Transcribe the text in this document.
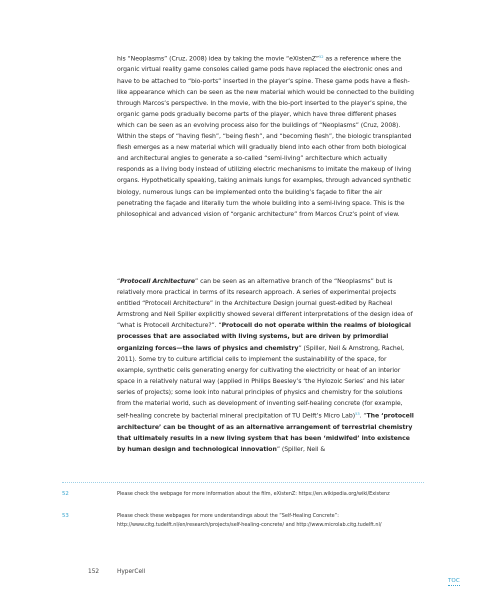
his “Neoplasms” (Cruz, 2008) idea by taking the movie “eXistenZ”$^{52}$ as a reference where the organic virtual reality game consoles called game pods have replaced the electronic ones and have to be attached to “bio-ports” inserted in the player’s spine. These game pods have a flesh-like appearance which can be seen as the new material which would be connected to the building through Marcos’s perspective. In the movie, with the bio-port inserted to the player’s spine, the organic game pods gradually become parts of the player, which have three different phases which can be seen as an evolving process also for the buildings of “Neoplasms” (Cruz, 2008). Within the steps of “having flesh”, “being flesh”, and “becoming flesh”, the biologic transplanted flesh emerges as a new material which will gradually blend into each other from both biological and architectural angles to generate a so-called “semi-living” architecture which actually responds as a living body instead of utilizing electric mechanisms to imitate the makeup of living organs. Hypothetically speaking, taking animals lungs for examples, through advanced synthetic biology, numerous lungs can be implemented onto the building’s façade to filter the air penetrating the façade and literally turn the whole building into a semi-living space. This is the philosophical and advanced vision of “organic architecture” from Marcos Cruz’s point of view.

“Protocell Architecture” can be seen as an alternative branch of the “Neoplasms” but is relatively more practical in terms of its research approach. A series of experimental projects entitled “Protocell Architecture” in the Architecture Design journal guest-edited by Racheal Armstrong and Neil Spiller explicitly showed several different interpretations of the design idea of “what is Protocell Architecture?”. “Protocell do not operate within the realms of biological processes that are associated with living systems, but are driven by primordial organizing forces—the laws of physics and chemistry” (Spiller, Neil & Amstrong, Rachel, 2011). Some try to culture artificial cells to implement the sustainability of the space, for example, synthetic cells generating energy for cultivating the electricity or heat of an interior space in a relatively natural way (applied in Philips Beesley’s ‘the Hylozoic Series’ and his later series of projects); some look into natural principles of physics and chemistry for the solutions from the material world, such as development of inventing self-healing concrete (for example, self-healing concrete by bacterial mineral precipitation of TU Delft’s Micro Lab)$^{53}$. “The ‘protocell architecture’ can be thought of as an alternative arrangement of terrestrial chemistry that ultimately results in a new living system that has been ‘midwifed’ into existence by human design and technological innovation” (Spiller, Neil &

52	Please check the webpage for more information about the film, eXistenZ: https://en.wikipedia.org/wiki/Existenz
53	Please check these webpages for more understandings about the “Self-Healing Concrete”: http://www.citg.tudelft.nl/en/research/projects/self-healing-concrete/ and http://www.microlab.citg.tudelft.nl/
152	HyperCell
TOC
